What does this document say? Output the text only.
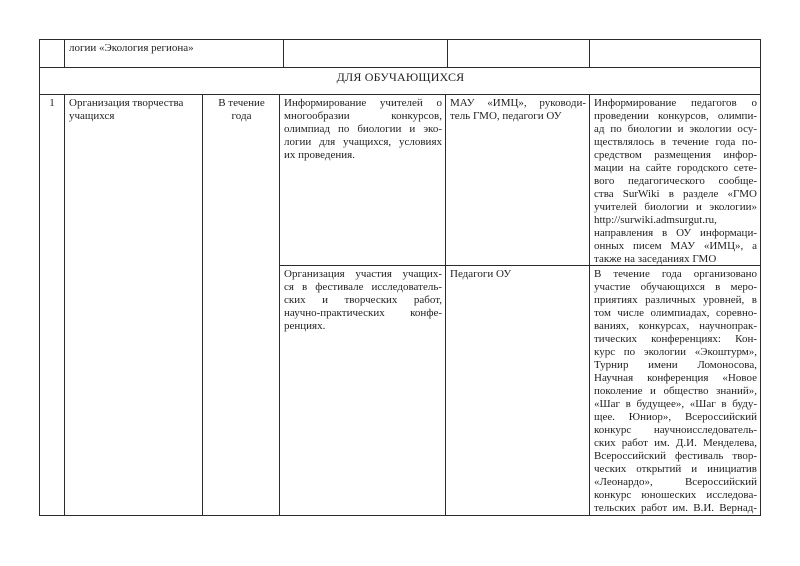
логии «Экология региона»
ДЛЯ ОБУЧАЮЩИХСЯ
1	Организация творчества
учащихся
В течение
года
Информирование учителей о
многообразии конкурсов,
олимпиад по биологии и эко-
логии для учащихся, условиях
их проведения.
МАУ «ИМЦ», руководи-
тель ГМО, педагоги ОУ
Информирование педагогов о
проведении конкурсов, олимпи-
ад по биологии и экологии осу-
ществлялось в течение года по-
средством размещения инфор-
мации на сайте городского сете-
вого педагогического сообще-
ства SurWiki в разделе «ГМО
учителей биологии и экологии»
http://surwiki.admsurgut.ru,
направления в ОУ информаци-
онных писем МАУ «ИМЦ», а
также на заседаниях ГМО
Организация участия учащих-
ся в фестивале исследователь-
ских и творческих работ,
научно-практических конфе-
ренциях.
Педагоги ОУ	В течение года организовано
участие обучающихся в меро-
приятиях различных уровней, в
том числе олимпиадах, соревно-
ваниях, конкурсах, научнопрак-
тических конференциях: Кон-
курс по экологии «Экоштурм»,
Турнир имени Ломоносова,
Научная конференция «Новое
поколение и общество знаний»,
«Шаг в будущее», «Шаг в буду-
щее. Юниор», Всероссийский
конкурс научноисследователь-
ских работ им. Д.И. Менделева,
Всероссийский фестиваль твор-
ческих открытий и инициатив
«Леонардо», Всероссийский
конкурс юношеских исследова-
тельских работ им. В.И. Вернад-
